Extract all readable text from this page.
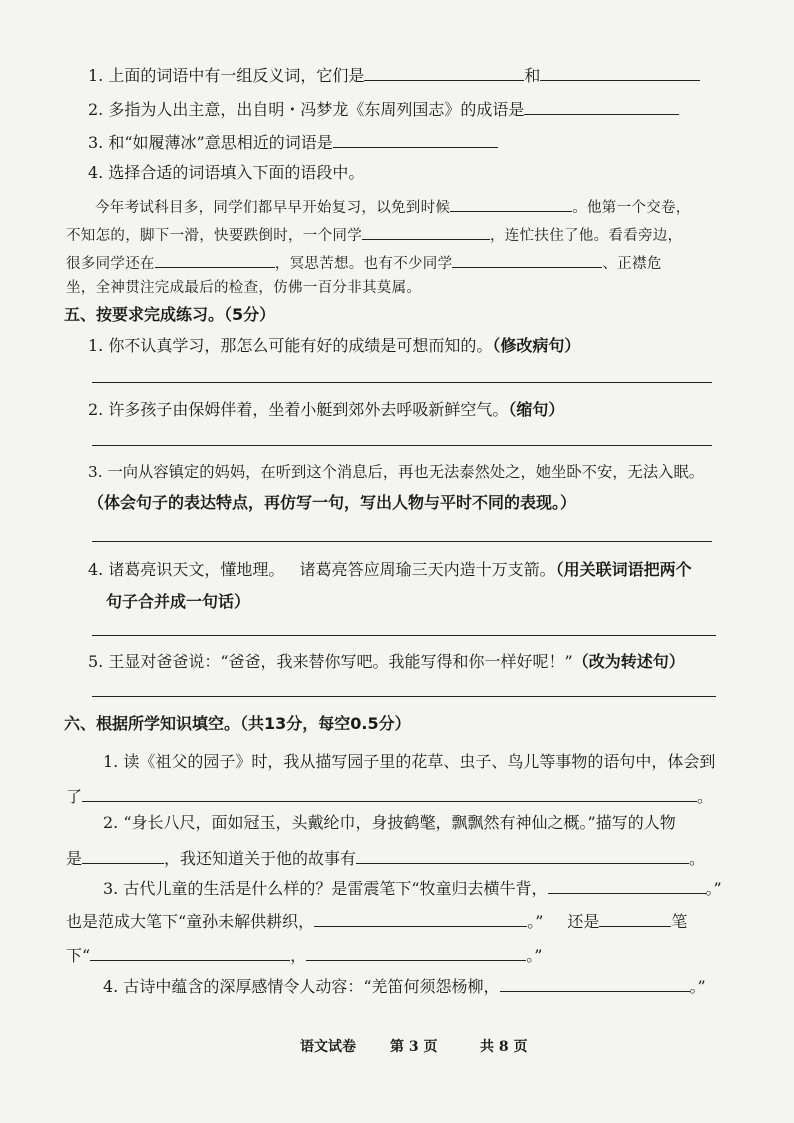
1. 上面的词语中有一组反义词，它们是	和
2. 多指为人出主意，出自明・冯梦龙《东周列国志》的成语是
3. 和“如履薄冰”意思相近的词语是
4. 选择合适的词语填入下面的语段中。
今年考试科目多，同学们都早早开始复习，以免到时候	。他第一个交卷，
不知怎的，脚下一滑，快要跌倒时，一个同学	，连忙扶住了他。看看旁边，
很多同学还在	，冥思苦想。也有不少同学	、正襟危
坐，全神贯注完成最后的检查，仿佛一百分非其莫属。
五、按要求完成练习。（5分）
1. 你不认真学习，那怎么可能有好的成绩是可想而知的。（修改病句）
2. 许多孩子由保姆伴着，坐着小艇到郊外去呼吸新鲜空气。（缩句）
3. 一向从容镇定的妈妈，在听到这个消息后，再也无法泰然处之，她坐卧不安，无法入眠。
（体会句子的表达特点，再仿写一句，写出人物与平时不同的表现。）
4. 诸葛亮识天文，懂地理。   诸葛亮答应周瑜三天内造十万支箭。（用关联词语把两个
句子合并成一句话）
5. 王显对爸爸说：“爸爸，我来替你写吧。我能写得和你一样好呢！”（改为转述句）
六、根据所学知识填空。（共13分，每空0.5分）
1. 读《祖父的园子》时，我从描写园子里的花草、虫子、鸟儿等事物的语句中，体会到
了	。
2. “身长八尺，面如冠玉，头戴纶巾，身披鹤氅，飘飘然有神仙之概。”描写的人物
是	，我还知道关于他的故事有	。
3. 古代儿童的生活是什么样的？是雷震笔下“牧童归去横牛背，	。”
也是范成大笔下“童孙未解供耕织，	。” 还是	笔
下“	，	。”
4. 古诗中蕴含的深厚感情令人动容：“羌笛何须怨杨柳，	。”
语文试卷 第 3 页	共 8 页
